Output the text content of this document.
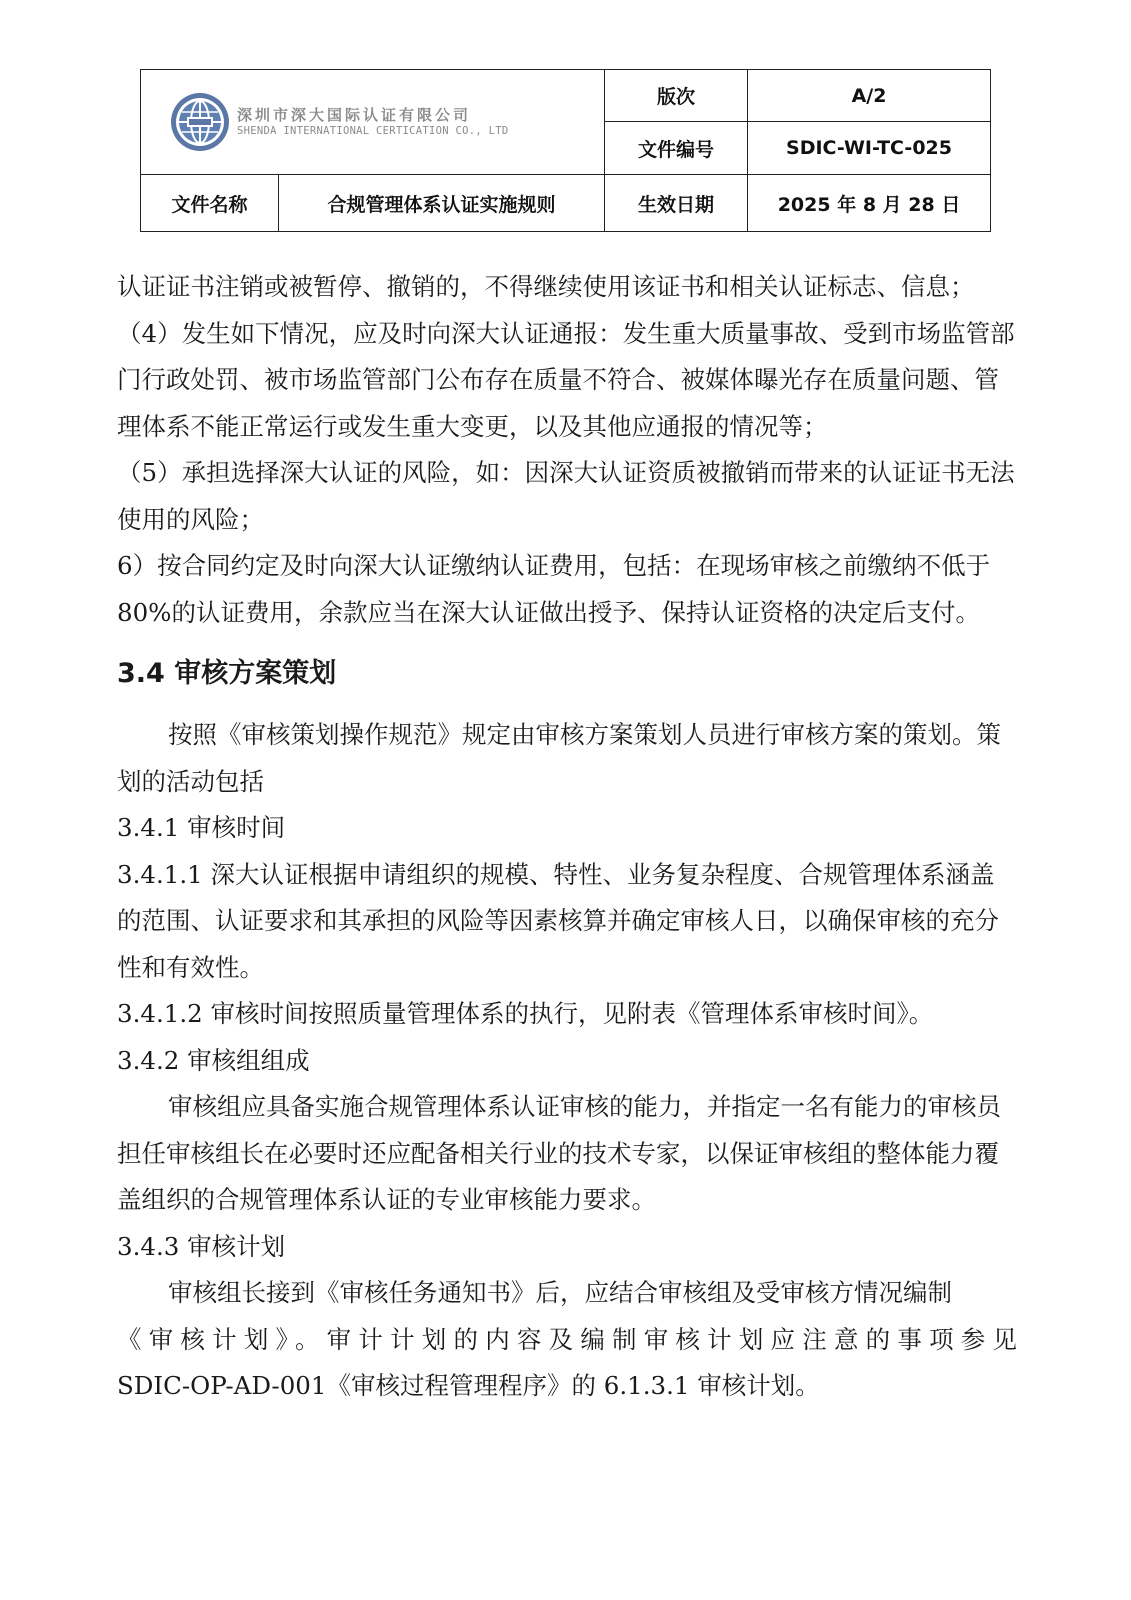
深圳市深大国际认证有限公司
SHENDA INTERNATIONAL CERTICATION CO., LTD		版次	A/2
		文件编号	SDIC-WI-TC-025
文件名称	合规管理体系认证实施规则	生效日期	2025 年 8 月 28 日

认证证书注销或被暂停、撤销的，不得继续使用该证书和相关认证标志、信息；

（4）发生如下情况，应及时向深大认证通报：发生重大质量事故、受到市场监管部门行政处罚、被市场监管部门公布存在质量不符合、被媒体曝光存在质量问题、管理体系不能正常运行或发生重大变更，以及其他应通报的情况等；

（5）承担选择深大认证的风险，如：因深大认证资质被撤销而带来的认证证书无法使用的风险；

6）按合同约定及时向深大认证缴纳认证费用，包括：在现场审核之前缴纳不低于 80%的认证费用，余款应当在深大认证做出授予、保持认证资格的决定后支付。

3.4 审核方案策划

按照《审核策划操作规范》规定由审核方案策划人员进行审核方案的策划。策划的活动包括

3.4.1 审核时间

3.4.1.1 深大认证根据申请组织的规模、特性、业务复杂程度、合规管理体系涵盖的范围、认证要求和其承担的风险等因素核算并确定审核人日，以确保审核的充分性和有效性。

3.4.1.2 审核时间按照质量管理体系的执行，见附表《管理体系审核时间》。

3.4.2 审核组组成

审核组应具备实施合规管理体系认证审核的能力，并指定一名有能力的审核员担任审核组长在必要时还应配备相关行业的技术专家，以保证审核组的整体能力覆盖组织的合规管理体系认证的专业审核能力要求。

3.4.3 审核计划

审核组长接到《审核任务通知书》后，应结合审核组及受审核方情况编制

《审核计划》。审计计划的内容及编制审核计划应注意的事项参见

SDIC-OP-AD-001《审核过程管理程序》的 6.1.3.1 审核计划。
